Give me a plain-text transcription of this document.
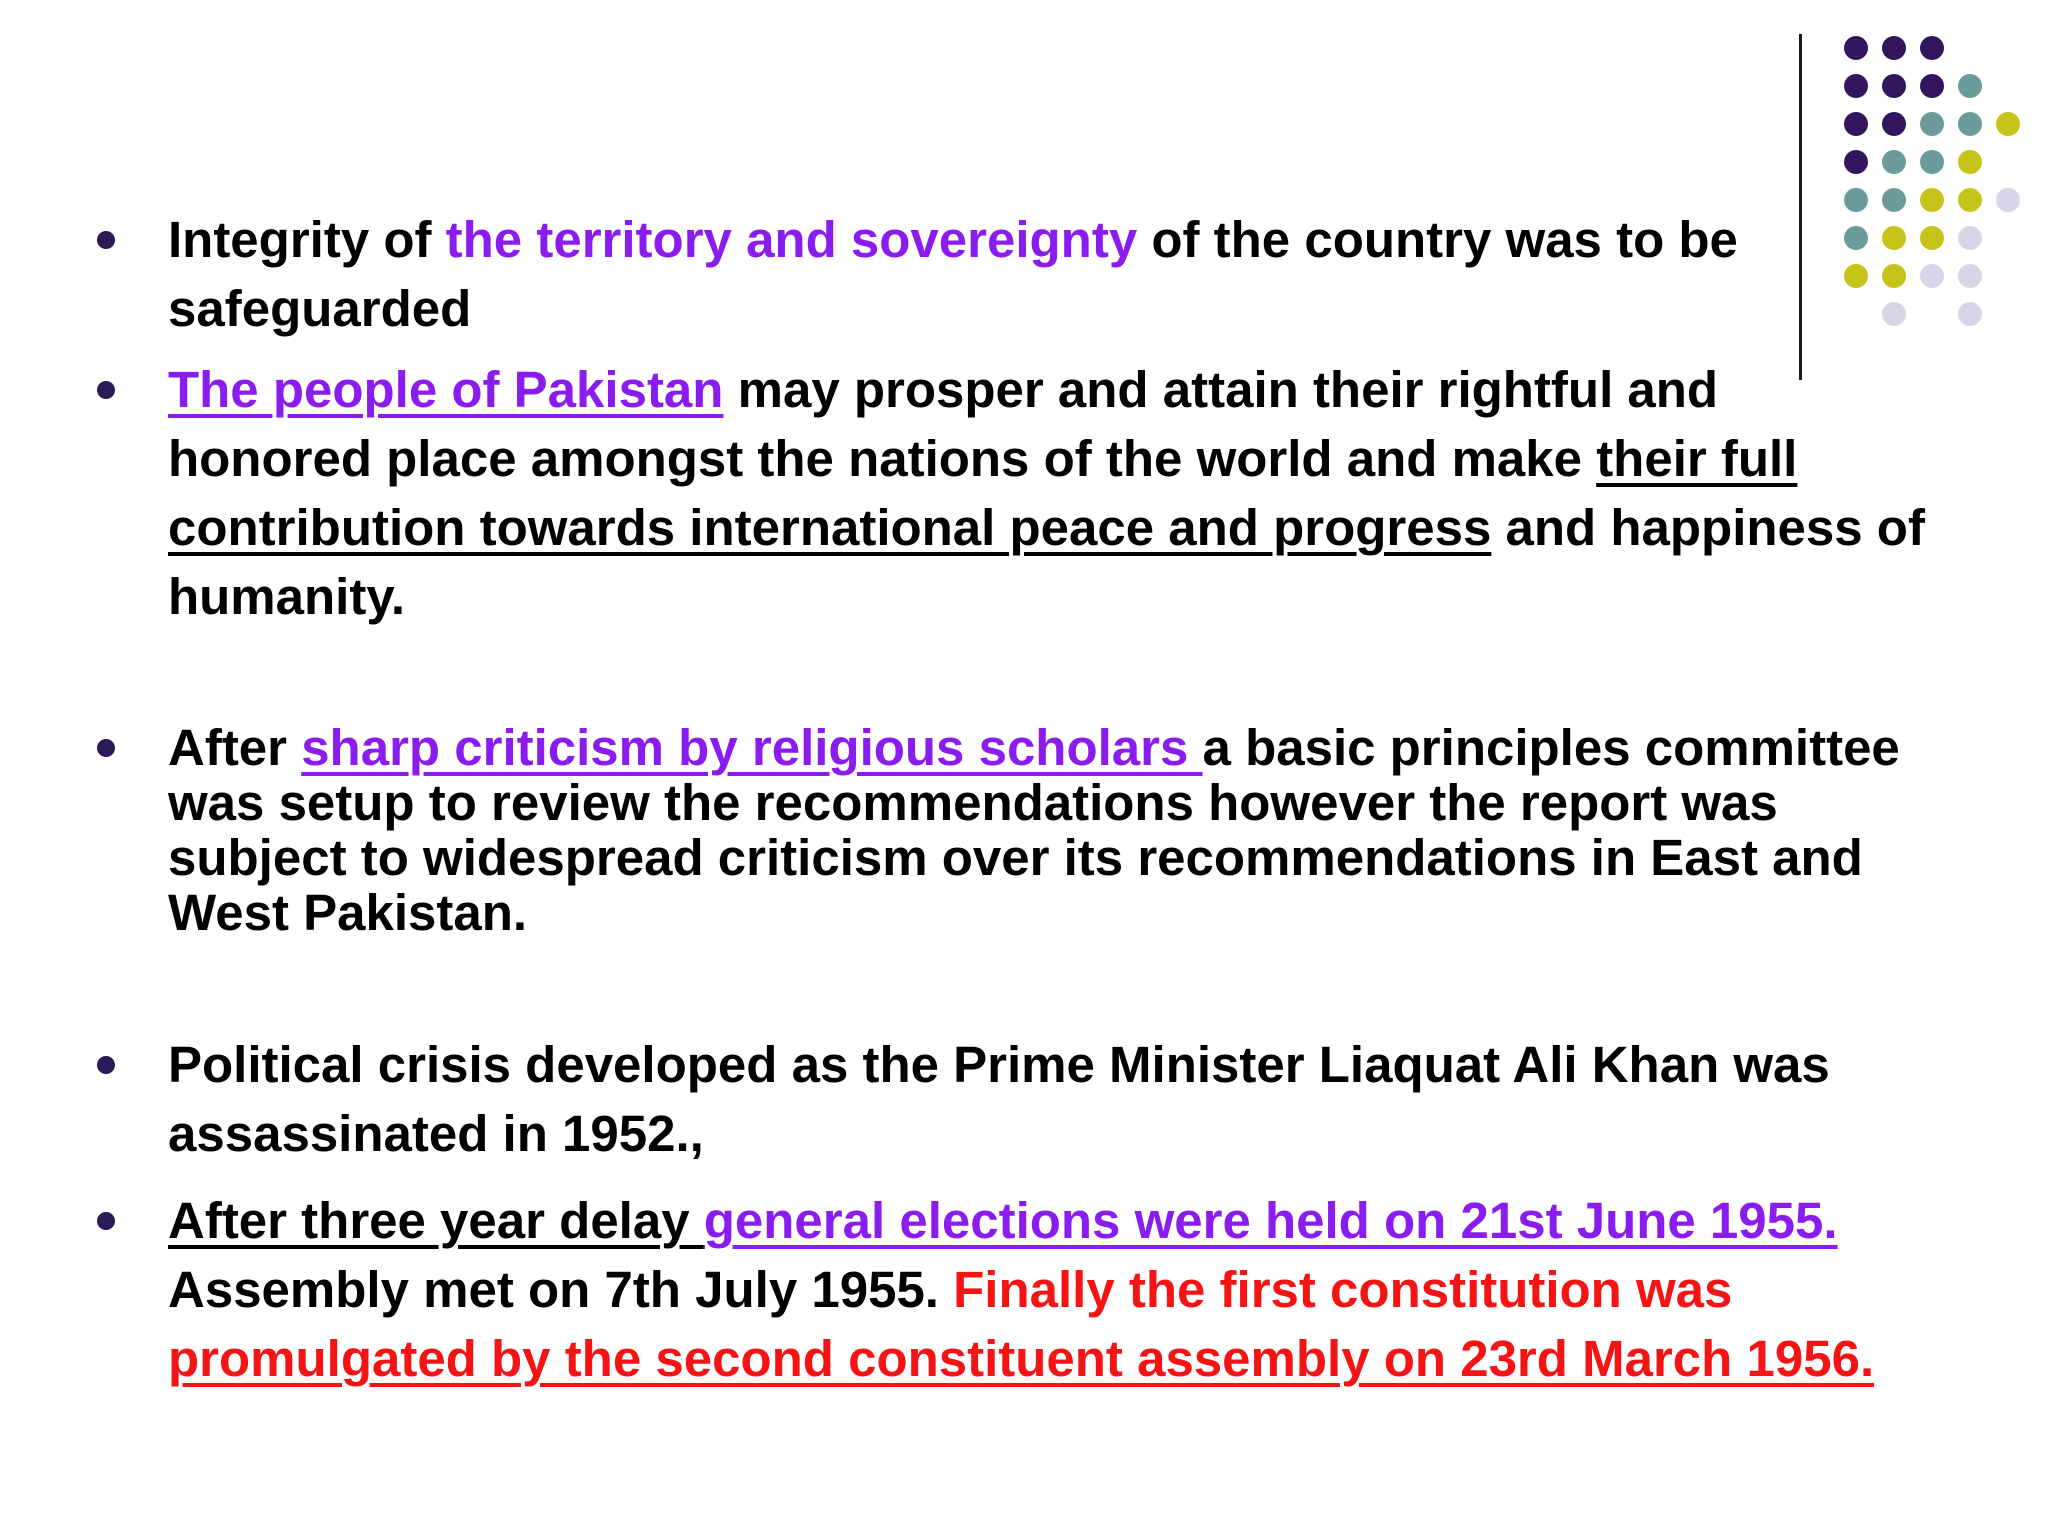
Integrity of the territory and sovereignty of the country was to be safeguarded
The people of Pakistan may prosper and attain their rightful and honored place amongst the nations of the world and make their full contribution towards international peace and progress and happiness of humanity.
After sharp criticism by religious scholars a basic principles committee was setup to review the recommendations however the report was subject to widespread criticism over its recommendations in East and West Pakistan.
Political crisis developed as the Prime Minister Liaquat Ali Khan was assassinated in 1952.,
After three year delay general elections were held on 21st June 1955. Assembly met on 7th July 1955. Finally the first constitution was promulgated by the second constituent assembly on 23rd March 1956.
